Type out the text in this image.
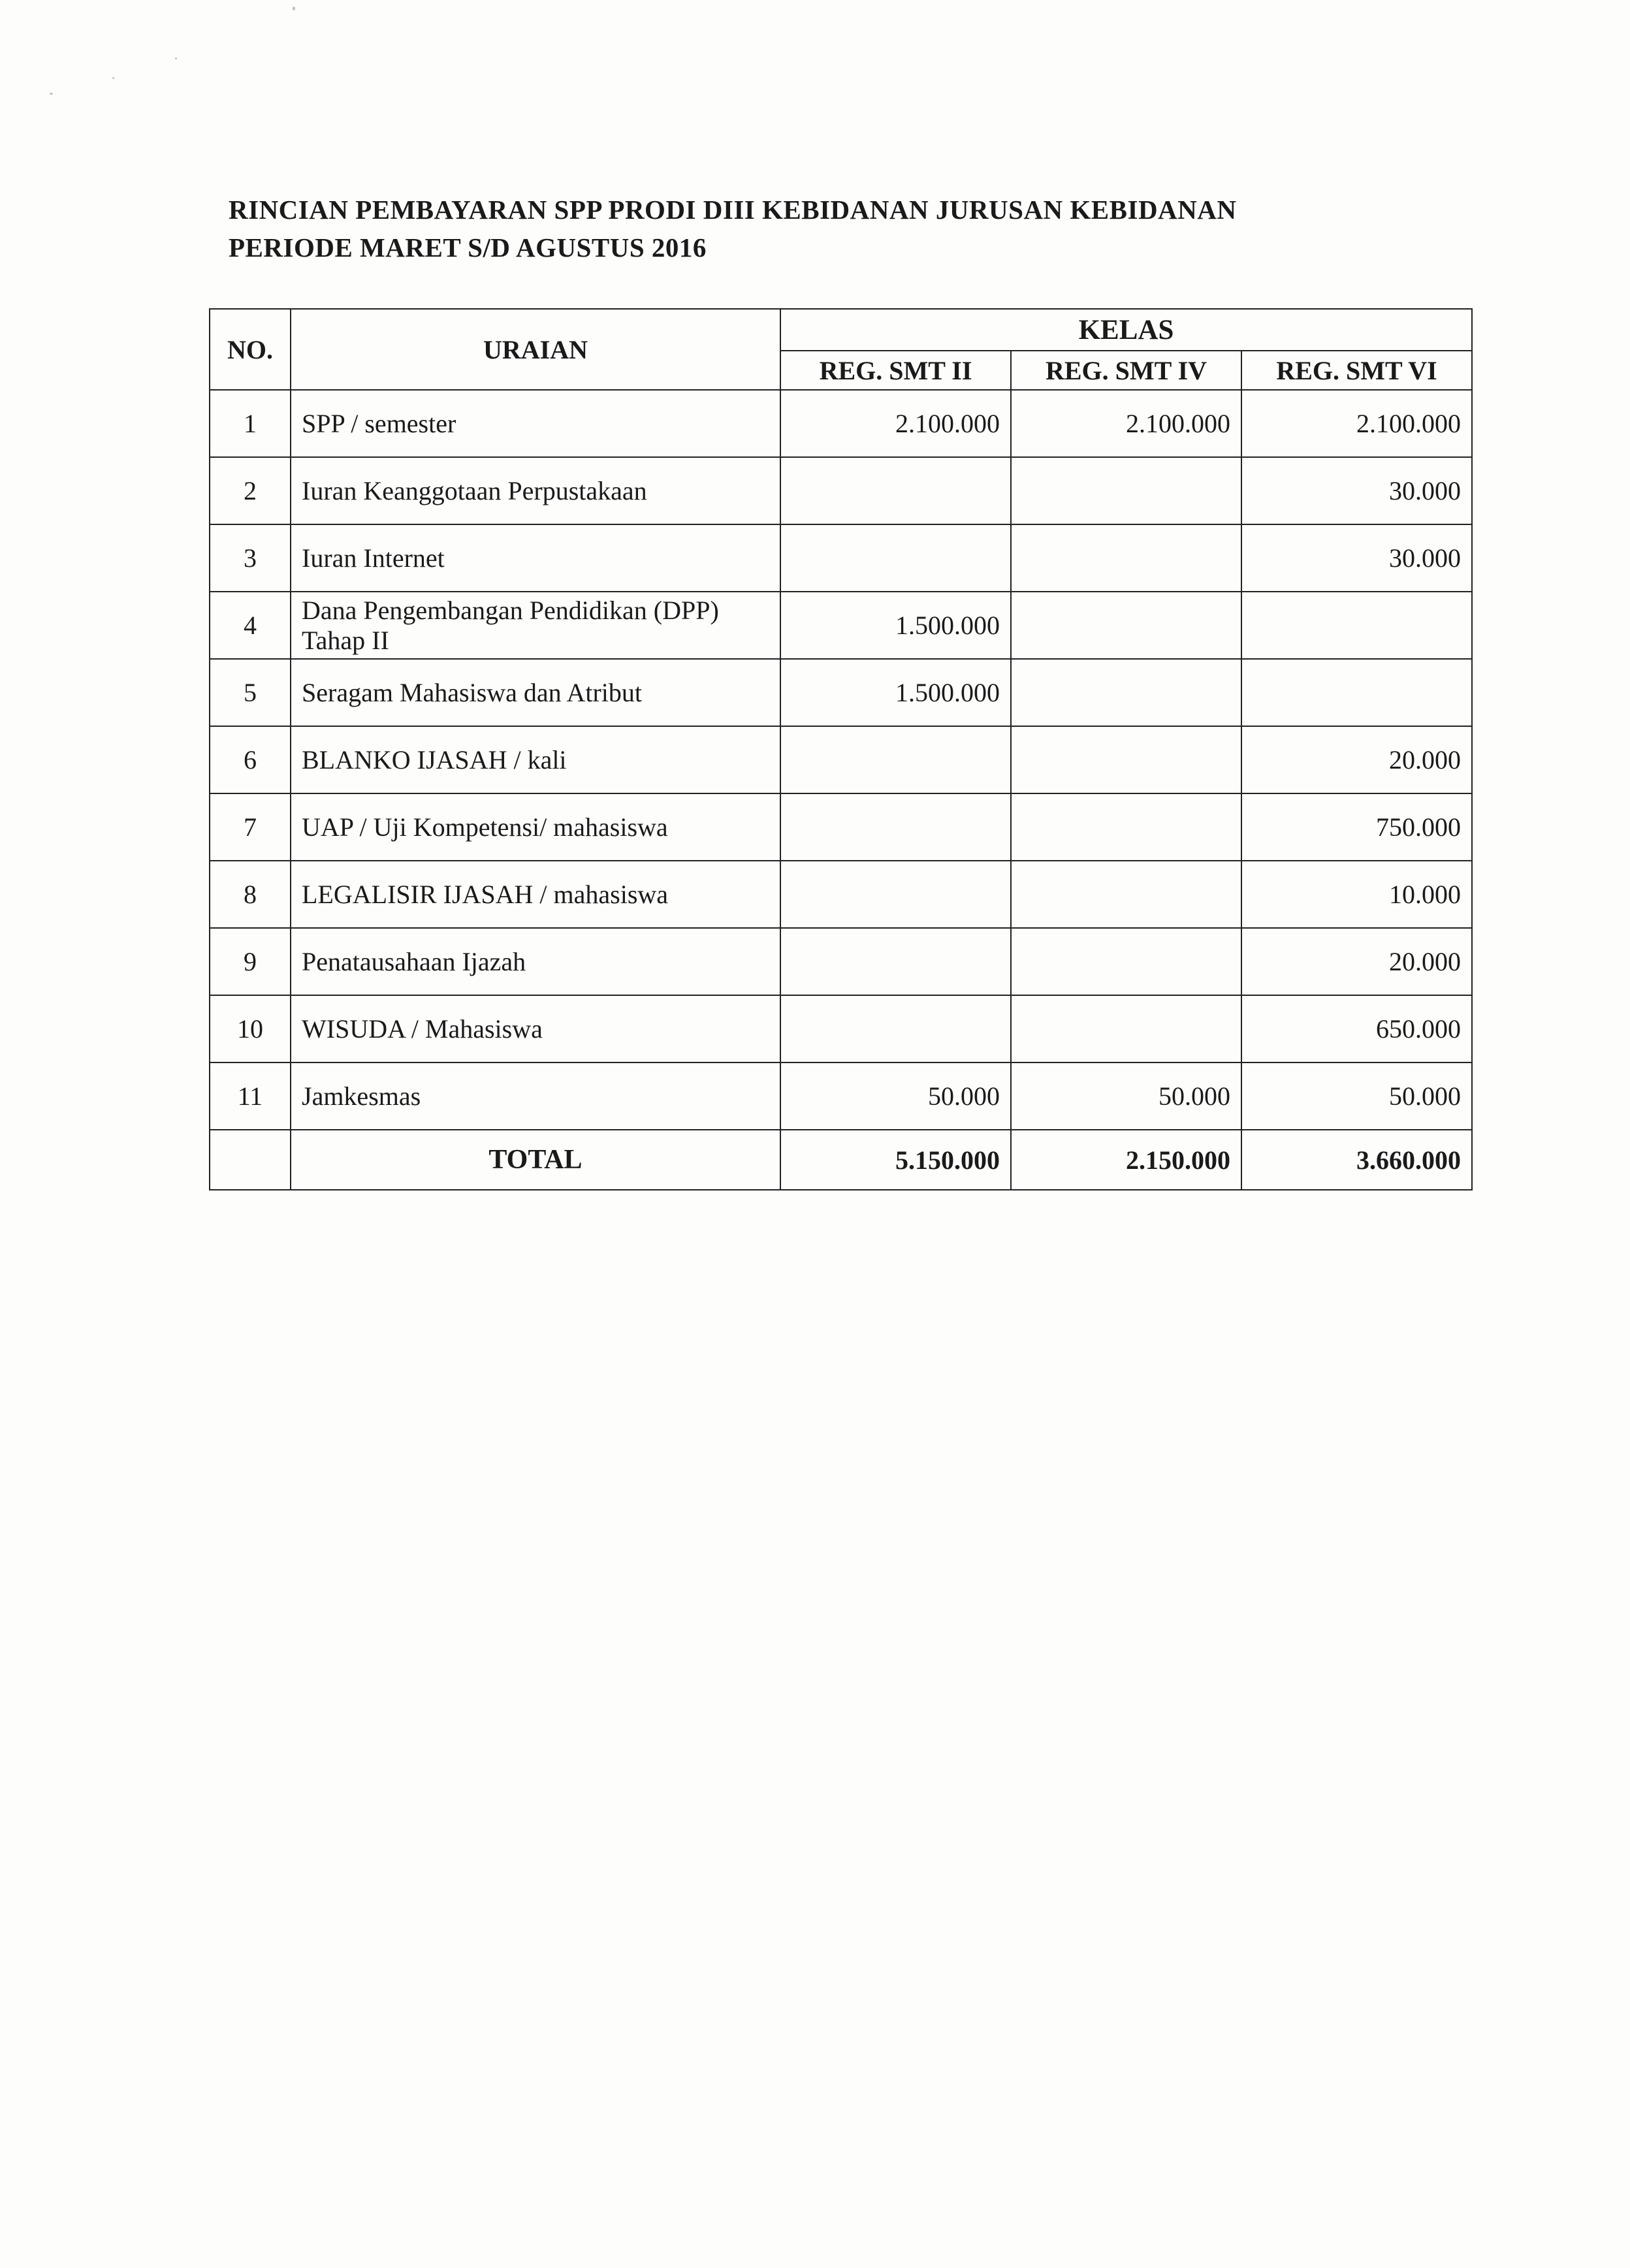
RINCIAN PEMBAYARAN SPP PRODI DIII KEBIDANAN JURUSAN KEBIDANAN
PERIODE MARET S/D AGUSTUS 2016
NO.	URAIAN	KELAS		
		REG. SMT II	REG. SMT IV	REG. SMT VI
1	SPP / semester	2.100.000	2.100.000	2.100.000
2	Iuran Keanggotaan Perpustakaan			30.000
3	Iuran Internet			30.000
4	Dana Pengembangan Pendidikan (DPP) Tahap II	1.500.000		
5	Seragam Mahasiswa dan Atribut	1.500.000		
6	BLANKO IJASAH / kali			20.000
7	UAP / Uji Kompetensi/ mahasiswa			750.000
8	LEGALISIR IJASAH / mahasiswa			10.000
9	Penatausahaan Ijazah			20.000
10	WISUDA / Mahasiswa			650.000
11	Jamkesmas	50.000	50.000	50.000
	TOTAL	5.150.000	2.150.000	3.660.000
